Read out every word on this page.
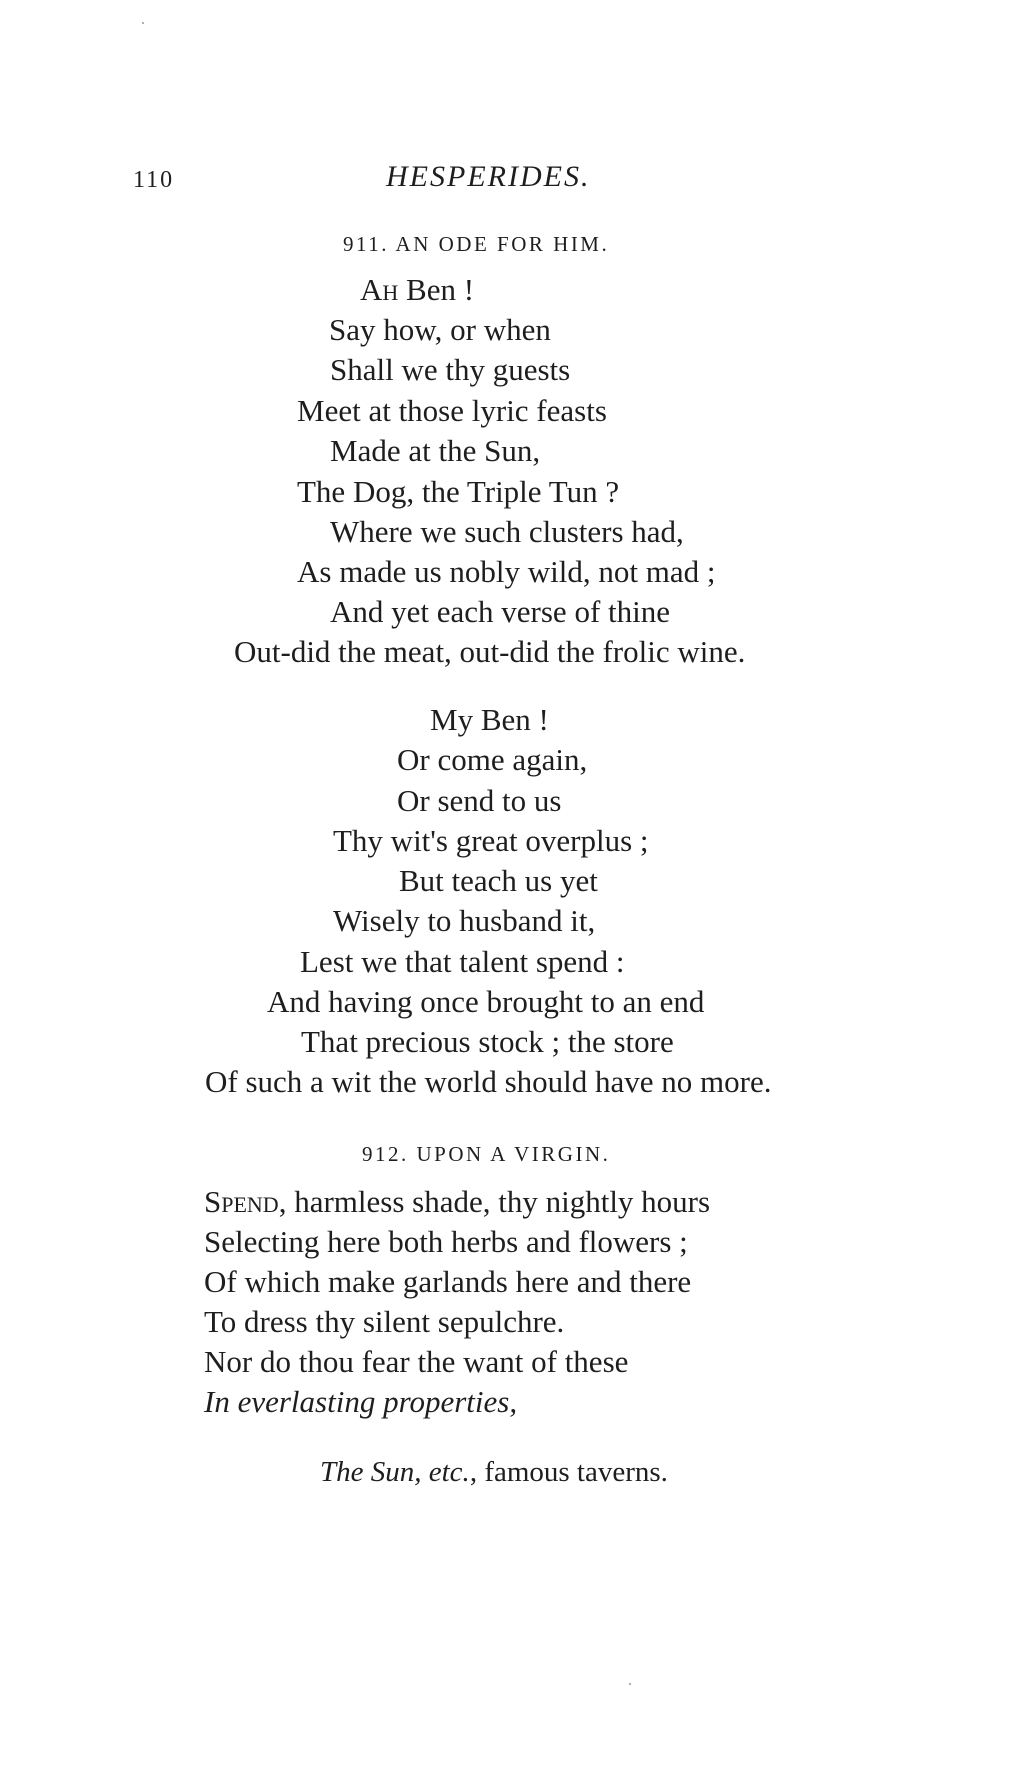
110	HESPERIDES.
911. AN ODE FOR HIM.
Ah Ben !
Say how, or when
Shall we thy guests
Meet at those lyric feasts
Made at the Sun,
The Dog, the Triple Tun ?
Where we such clusters had,
As made us nobly wild, not mad ;
And yet each verse of thine
Out-did the meat, out-did the frolic wine.
My Ben !
Or come again,
Or send to us
Thy wit's great overplus ;
But teach us yet
Wisely to husband it,
Lest we that talent spend :
And having once brought to an end
That precious stock ; the store
Of such a wit the world should have no more.
912. UPON A VIRGIN.
Spend, harmless shade, thy nightly hours
Selecting here both herbs and flowers ;
Of which make garlands here and there
To dress thy silent sepulchre.
Nor do thou fear the want of these
In everlasting properties,
The Sun, etc., famous taverns.
